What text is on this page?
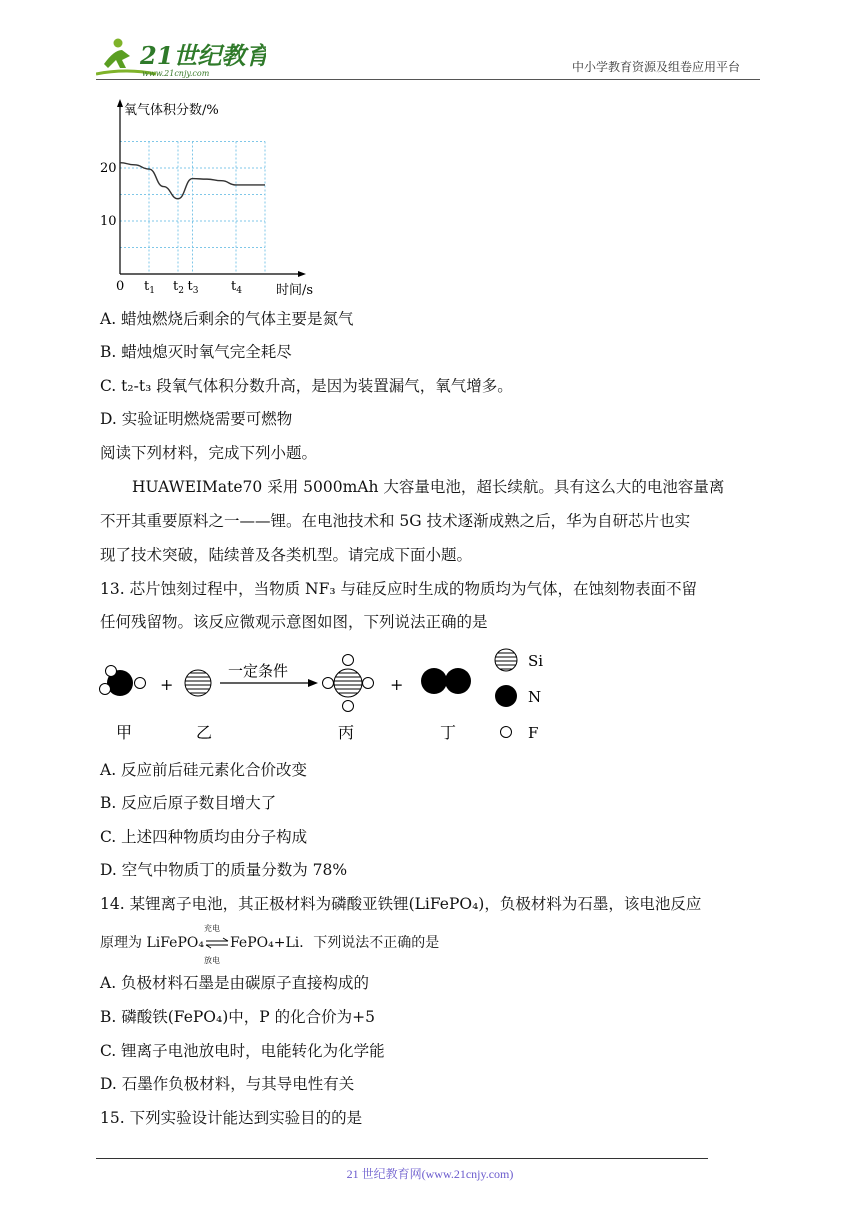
21世纪教育
www.21cnjy.com	中小学教育资源及组卷应用平台
氧气体积分数/%
时间/s
0
10
20
$t_1$ $t_2$ $t_3$	$t_4$
A. 蜡烛燃烧后剩余的气体主要是氮气
B. 蜡烛熄灭时氧气完全耗尽
C. t₂-t₃ 段氧气体积分数升高，是因为装置漏气，氧气增多。
D. 实验证明燃烧需要可燃物
阅读下列材料，完成下列小题。
HUAWEIMate70 采用 5000mAh 大容量电池，超长续航。具有这么大的电池容量离
不开其重要原料之一——锂。在电池技术和 5G 技术逐渐成熟之后，华为自研芯片也实
现了技术突破，陆续普及各类机型。请完成下面小题。
13. 芯片蚀刻过程中，当物质 NF₃ 与硅反应时生成的物质均为气体，在蚀刻物表面不留
任何残留物。该反应微观示意图如图，下列说法正确的是
+
一定条件
+
Si
N
F
甲	乙	丙	丁
A. 反应前后硅元素化合价改变
B. 反应后原子数目增大了
C. 上述四种物质均由分子构成
D. 空气中物质丁的质量分数为 78%
14. 某锂离子电池，其正极材料为磷酸亚铁锂(LiFePO₄)，负极材料为石墨，该电池反应
原理为 LiFePO₄
充电
放电
FePO₄+Li．下列说法不正确的是
A. 负极材料石墨是由碳原子直接构成的
B. 磷酸铁(FePO₄)中，P 的化合价为+5
C. 锂离子电池放电时，电能转化为化学能
D. 石墨作负极材料，与其导电性有关
15. 下列实验设计能达到实验目的的是
21 世纪教育网(www.21cnjy.com)
